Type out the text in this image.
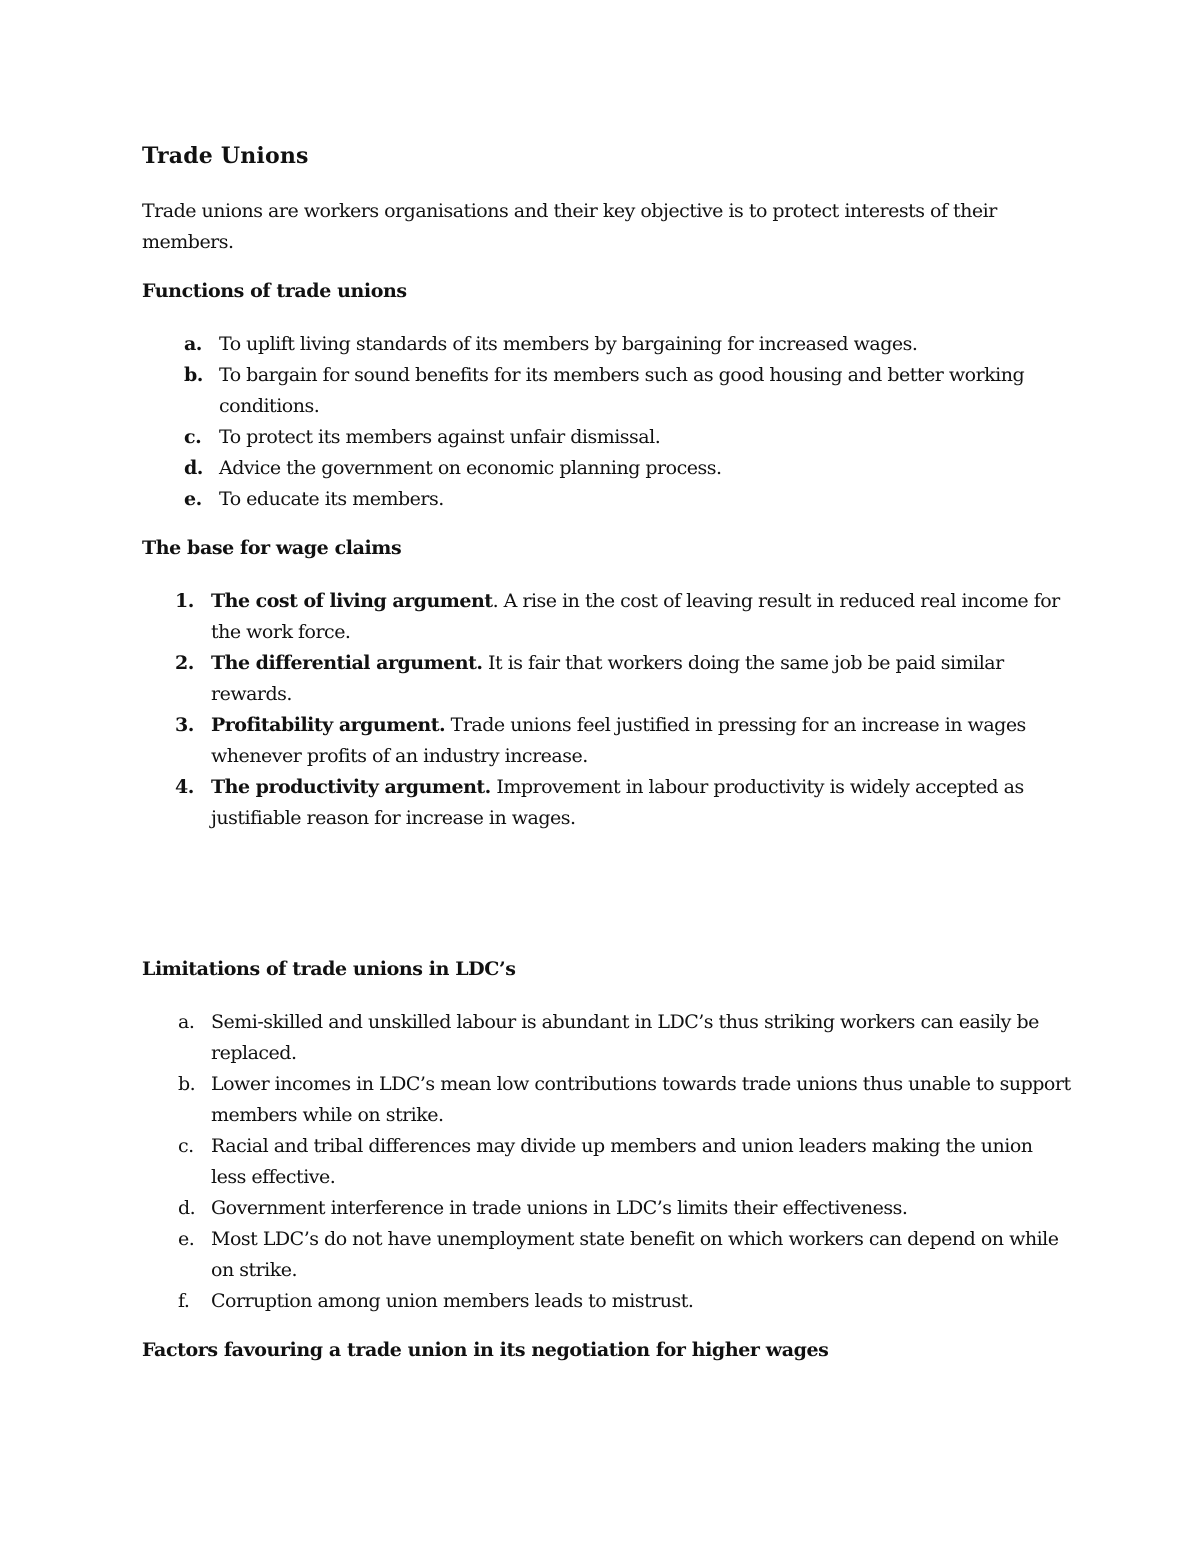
Trade Unions
Trade unions are workers organisations and their key objective is to protect interests of their members.
Functions of trade unions
a. To uplift living standards of its members by bargaining for increased wages.
b. To bargain for sound benefits for its members such as good housing and better working conditions.
c. To protect its members against unfair dismissal.
d. Advice the government on economic planning process.
e. To educate its members.
The base for wage claims
1. The cost of living argument. A rise in the cost of leaving result in reduced real income for the work force.
2. The differential argument. It is fair that workers doing the same job be paid similar rewards.
3. Profitability argument. Trade unions feel justified in pressing for an increase in wages whenever profits of an industry increase.
4. The productivity argument. Improvement in labour productivity is widely accepted as justifiable reason for increase in wages.
Limitations of trade unions in LDC’s
a. Semi-skilled and unskilled labour is abundant in LDC’s thus striking workers can easily be replaced.
b. Lower incomes in LDC’s mean low contributions towards trade unions thus unable to support members while on strike.
c. Racial and tribal differences may divide up members and union leaders making the union less effective.
d. Government interference in trade unions in LDC’s limits their effectiveness.
e. Most LDC’s do not have unemployment state benefit on which workers can depend on while on strike.
f. Corruption among union members leads to mistrust.
Factors favouring a trade union in its negotiation for higher wages
